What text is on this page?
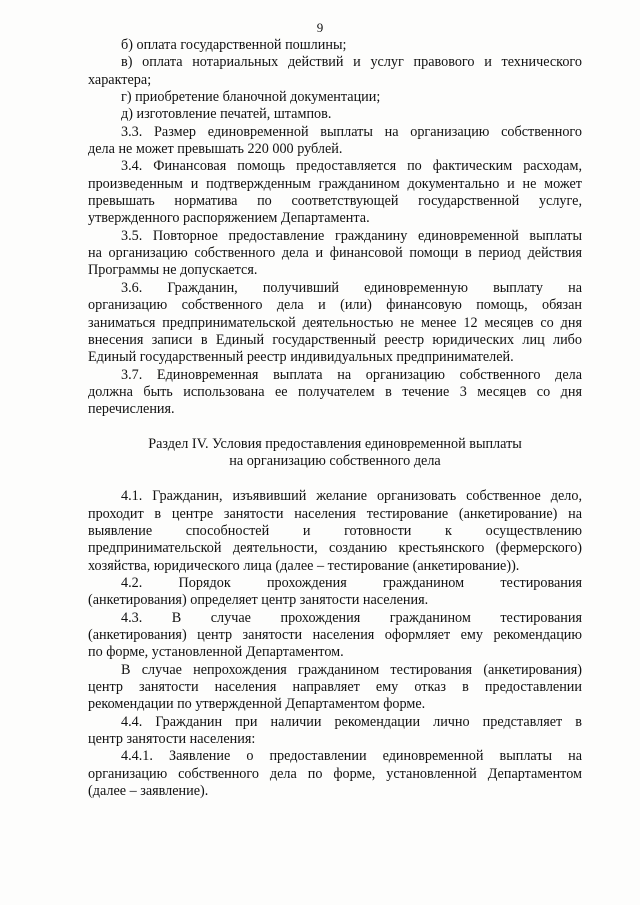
9
б) оплата государственной пошлины;
в) оплата нотариальных действий и услуг правового и технического
характера;
г) приобретение бланочной документации;
д) изготовление печатей, штампов.
3.3. Размер единовременной выплаты на организацию собственного
дела не может превышать 220 000 рублей.
3.4. Финансовая помощь предоставляется по фактическим расходам,
произведенным и подтвержденным гражданином документально и не может
превышать норматива по соответствующей государственной услуге,
утвержденного распоряжением Департамента.
3.5. Повторное предоставление гражданину единовременной выплаты
на организацию собственного дела и финансовой помощи в период действия
Программы не допускается.
3.6. Гражданин, получивший единовременную выплату на
организацию собственного дела и (или) финансовую помощь, обязан
заниматься предпринимательской деятельностью не менее 12 месяцев со дня
внесения записи в Единый государственный реестр юридических лиц либо
Единый государственный реестр индивидуальных предпринимателей.
3.7. Единовременная выплата на организацию собственного дела
должна быть использована ее получателем в течение 3 месяцев со дня
перечисления.
Раздел IV. Условия предоставления единовременной выплаты
на организацию собственного дела
4.1. Гражданин, изъявивший желание организовать собственное дело,
проходит в центре занятости населения тестирование (анкетирование) на
выявление способностей и готовности к осуществлению
предпринимательской деятельности, созданию крестьянского (фермерского)
хозяйства, юридического лица (далее – тестирование (анкетирование)).
4.2. Порядок прохождения гражданином тестирования
(анкетирования) определяет центр занятости населения.
4.3. В случае прохождения гражданином тестирования
(анкетирования) центр занятости населения оформляет ему рекомендацию
по форме, установленной Департаментом.
В случае непрохождения гражданином тестирования (анкетирования)
центр занятости населения направляет ему отказ в предоставлении
рекомендации по утвержденной Департаментом форме.
4.4. Гражданин при наличии рекомендации лично представляет в
центр занятости населения:
4.4.1. Заявление о предоставлении единовременной выплаты на
организацию собственного дела по форме, установленной Департаментом
(далее – заявление).
